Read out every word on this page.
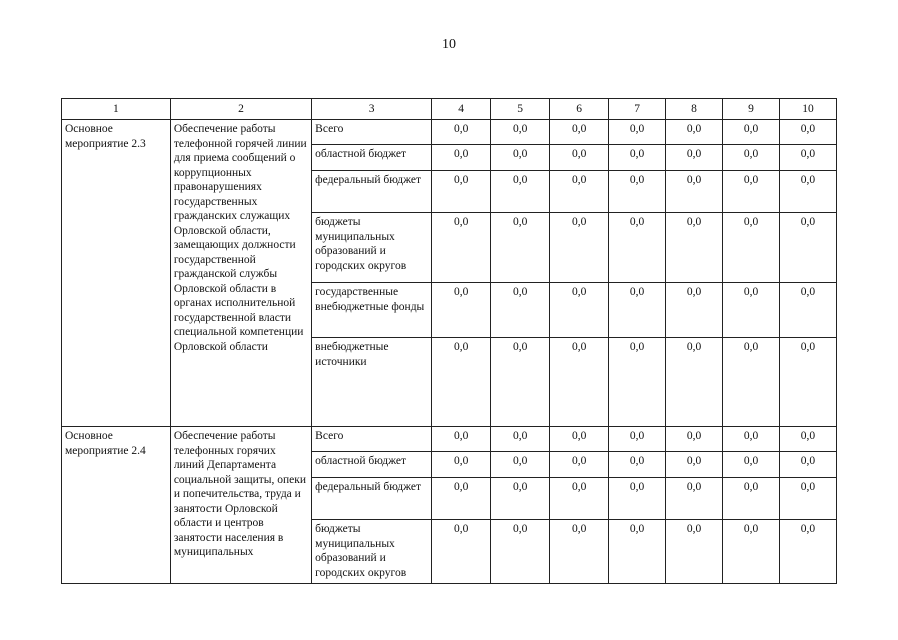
10
1	2	3	4	5	6	7	8	9	10
Основное мероприятие 2.3	Обеспечение работы телефонной горячей линии для приема сообщений о коррупционных правонарушениях государственных гражданских служащих Орловской области, замещающих должности государственной гражданской службы Орловской области в органах исполнительной государственной власти специальной компетенции Орловской области	Всего	0,0	0,0	0,0	0,0	0,0	0,0	0,0
		областной бюджет	0,0	0,0	0,0	0,0	0,0	0,0	0,0
		федеральный бюджет	0,0	0,0	0,0	0,0	0,0	0,0	0,0
		бюджеты муниципальных образований и городских округов	0,0	0,0	0,0	0,0	0,0	0,0	0,0
		государственные внебюджетные фонды	0,0	0,0	0,0	0,0	0,0	0,0	0,0
		внебюджетные источники	0,0	0,0	0,0	0,0	0,0	0,0	0,0
Основное мероприятие 2.4	Обеспечение работы телефонных горячих линий Департамента социальной защиты, опеки и попечительства, труда и занятости Орловской области и центров занятости населения в муниципальных	Всего	0,0	0,0	0,0	0,0	0,0	0,0	0,0
		областной бюджет	0,0	0,0	0,0	0,0	0,0	0,0	0,0
		федеральный бюджет	0,0	0,0	0,0	0,0	0,0	0,0	0,0
		бюджеты муниципальных образований и городских округов	0,0	0,0	0,0	0,0	0,0	0,0	0,0
